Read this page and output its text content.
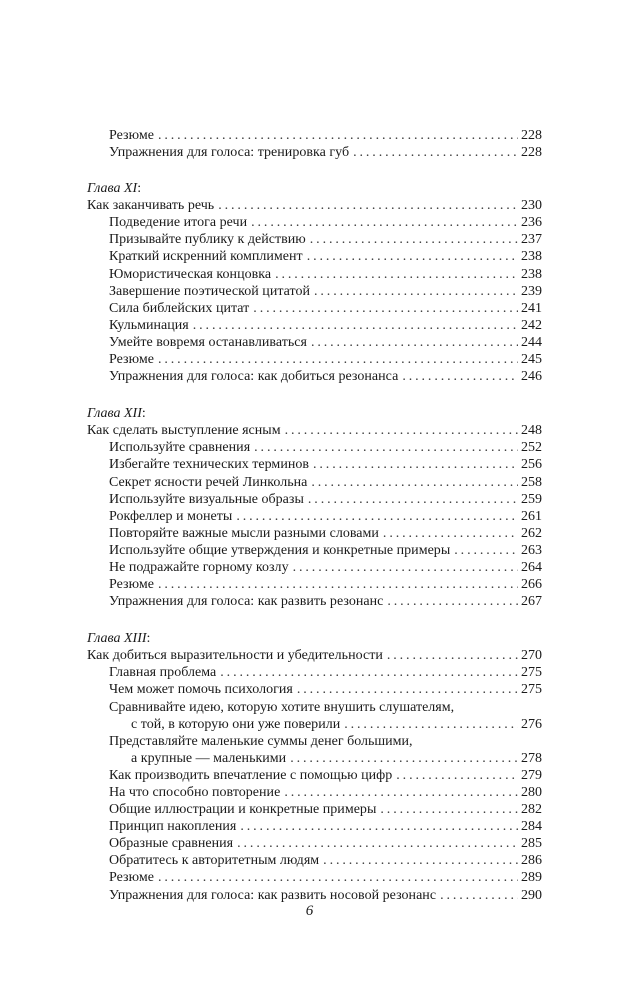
Резюме . . .	228
Упражнения для голоса: тренировка губ . . .	228
Глава XI:
Как заканчивать речь . . .	230
Подведение итога речи . . .	236
Призывайте публику к действию . . .	237
Краткий искренний комплимент . . .	238
Юмористическая концовка . . .	238
Завершение поэтической цитатой . . .	239
Сила библейских цитат . . .	241
Кульминация . . .	242
Умейте вовремя останавливаться . . .	244
Резюме . . .	245
Упражнения для голоса: как добиться резонанса . . .	246
Глава XII:
Как сделать выступление ясным . . .	248
Используйте сравнения . . .	252
Избегайте технических терминов . . .	256
Секрет ясности речей Линкольна . . .	258
Используйте визуальные образы . . .	259
Рокфеллер и монеты . . .	261
Повторяйте важные мысли разными словами . . .	262
Используйте общие утверждения и конкретные примеры . . .	263
Не подражайте горному козлу . . .	264
Резюме . . .	266
Упражнения для голоса: как развить резонанс . . .	267
Глава XIII:
Как добиться выразительности и убедительности . . .	270
Главная проблема . . .	275
Чем может помочь психология . . .	275
Сравнивайте идею, которую хотите внушить слушателям,
с той, в которую они уже поверили . . .	276
Представляйте маленькие суммы денег большими,
а крупные — маленькими . . .	278
Как производить впечатление с помощью цифр . . .	279
На что способно повторение . . .	280
Общие иллюстрации и конкретные примеры . . .	282
Принцип накопления . . .	284
Образные сравнения . . .	285
Обратитесь к авторитетным людям . . .	286
Резюме . . .	289
Упражнения для голоса: как развить носовой резонанс . . .	290
6
